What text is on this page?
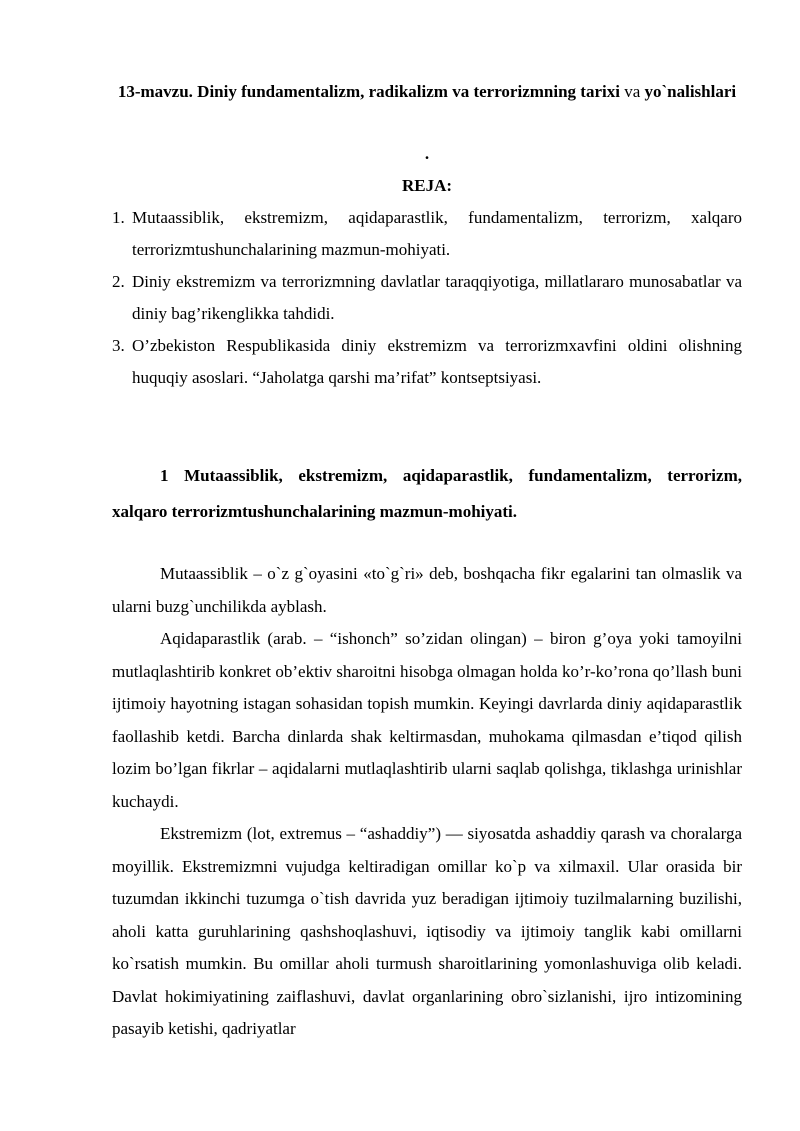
13-mavzu. Diniy fundamentalizm, radikalizm va terrorizmning tarixi va yo`nalishlari
.
REJA:
1. Mutaassiblik, ekstremizm, aqidaparastlik, fundamentalizm, terrorizm, xalqaro terrorizmtushunchalarining mazmun-mohiyati.
2. Diniy ekstremizm va terrorizmning davlatlar taraqqiyotiga, millatlararo munosabatlar va diniy bag’rikenglikka tahdidi.
3. O’zbekiston Respublikasida diniy ekstremizm va terrorizmxavfini oldini olishning huquqiy asoslari. “Jaholatga qarshi ma’rifat” kontseptsiyasi.
1 Mutaassiblik, ekstremizm, aqidaparastlik, fundamentalizm, terrorizm, xalqaro terrorizmtushunchalarining mazmun-mohiyati.

Mutaassiblik – o`z g`oyasini «to`g`ri» deb, boshqacha fikr egalarini tan olmaslik va ularni buzg`unchilikda ayblash.

Aqidaparastlik (arab. – “ishonch” so’zidan olingan) – biron g’oya yoki tamoyilni mutlaqlashtirib konkret ob’ektiv sharoitni hisobga olmagan holda ko’r-ko’rona qo’llash buni ijtimoiy hayotning istagan sohasidan topish mumkin. Keyingi davrlarda diniy aqidaparastlik faollashib ketdi. Barcha dinlarda shak keltirmasdan, muhokama qilmasdan e’tiqod qilish lozim bo’lgan fikrlar – aqidalarni mutlaqlashtirib ularni saqlab qolishga, tiklashga urinishlar kuchaydi.

Ekstremizm (lot, extremus – “ashaddiy”) — siyosatda ashaddiy qarash va choralarga moyillik. Ekstremizmni vujudga keltiradigan omillar ko`p va xilmaxil. Ular orasida bir tuzumdan ikkinchi tuzumga o`tish davrida yuz beradigan ijtimoiy tuzilmalarning buzilishi, aholi katta guruhlarining qashshoqlashuvi, iqtisodiy va ijtimoiy tanglik kabi omillarni ko`rsatish mumkin. Bu omillar aholi turmush sharoitlarining yomonlashuviga olib keladi. Davlat hokimiyatining zaiflashuvi, davlat organlarining obro`sizlanishi, ijro intizomining pasayib ketishi, qadriyatlar
